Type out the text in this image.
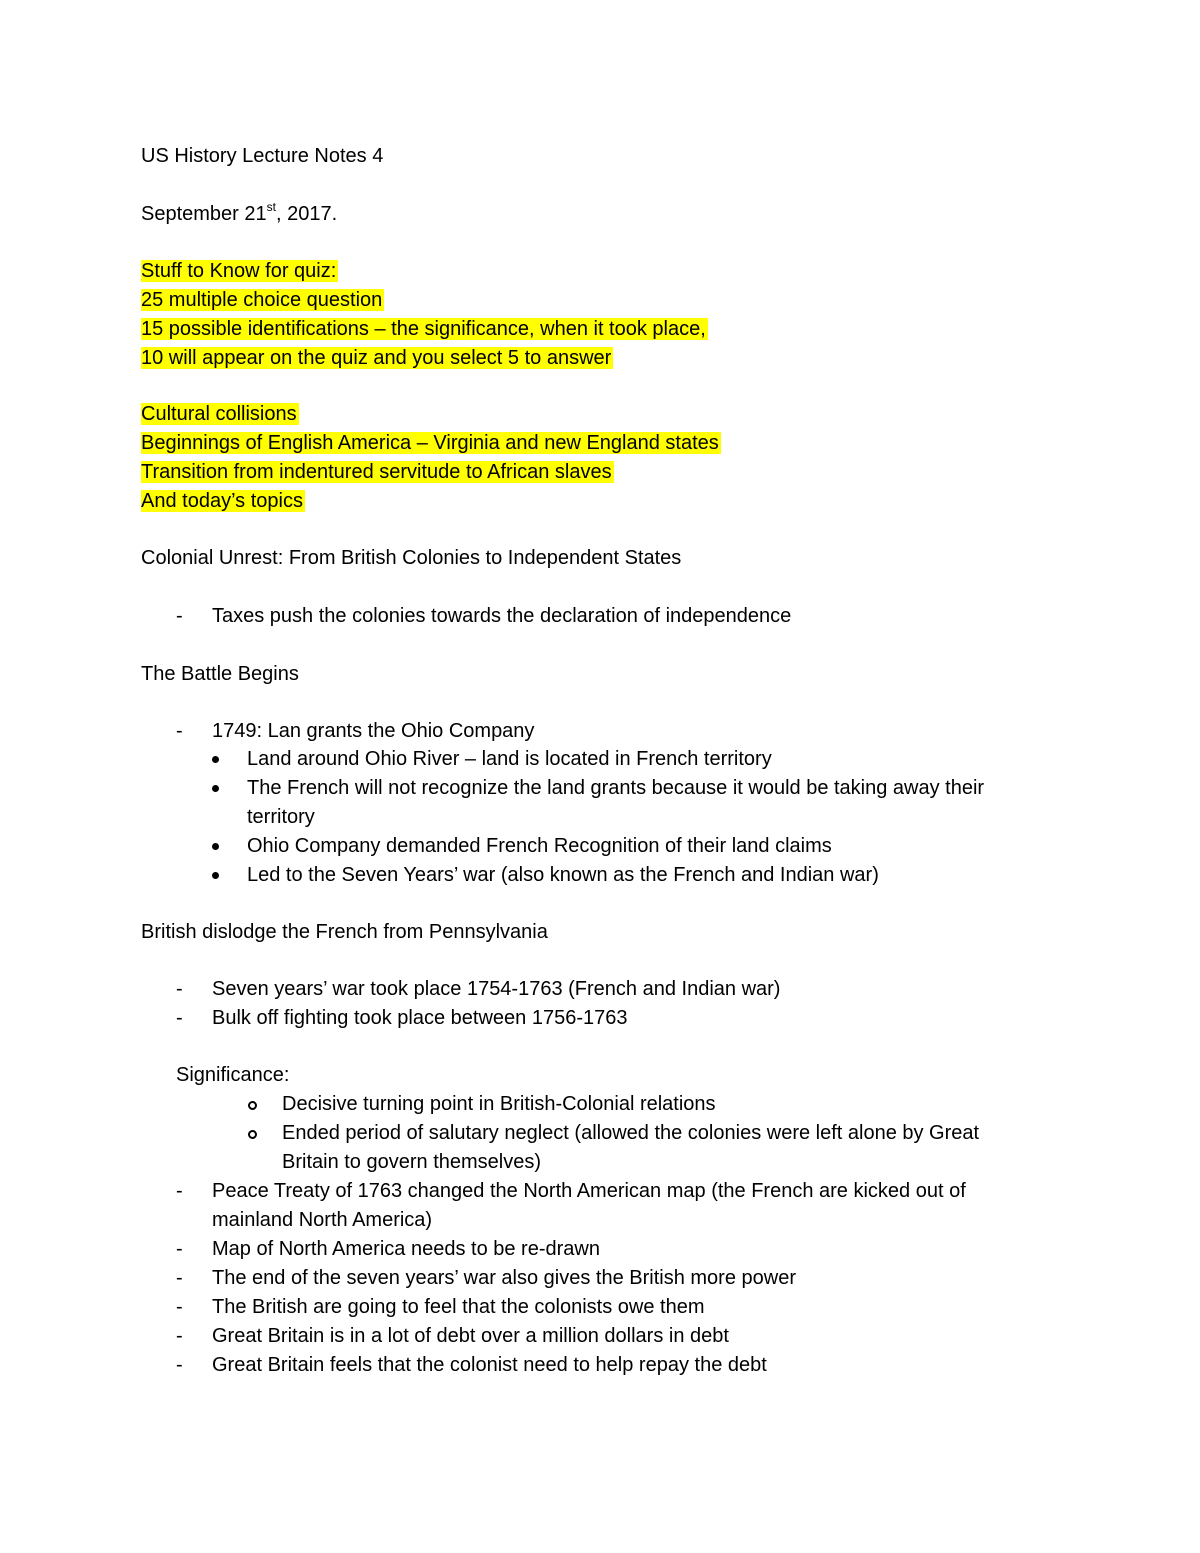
US History Lecture Notes 4
September 21st, 2017.
Stuff to Know for quiz:
25 multiple choice question
15 possible identifications – the significance, when it took place,
10 will appear on the quiz and you select 5 to answer
Cultural collisions
Beginnings of English America – Virginia and new England states
Transition from indentured servitude to African slaves
And today’s topics
Colonial Unrest: From British Colonies to Independent States
- Taxes push the colonies towards the declaration of independence
The Battle Begins
- 1749: Lan grants the Ohio Company
Land around Ohio River – land is located in French territory
The French will not recognize the land grants because it would be taking away their
territory
Ohio Company demanded French Recognition of their land claims
Led to the Seven Years’ war (also known as the French and Indian war)
British dislodge the French from Pennsylvania
- Seven years’ war took place 1754-1763 (French and Indian war)
- Bulk off fighting took place between 1756-1763
Significance:
Decisive turning point in British-Colonial relations
Ended period of salutary neglect (allowed the colonies were left alone by Great
Britain to govern themselves)
- Peace Treaty of 1763 changed the North American map (the French are kicked out of
mainland North America)
- Map of North America needs to be re-drawn
- The end of the seven years’ war also gives the British more power
- The British are going to feel that the colonists owe them
- Great Britain is in a lot of debt over a million dollars in debt
- Great Britain feels that the colonist need to help repay the debt
